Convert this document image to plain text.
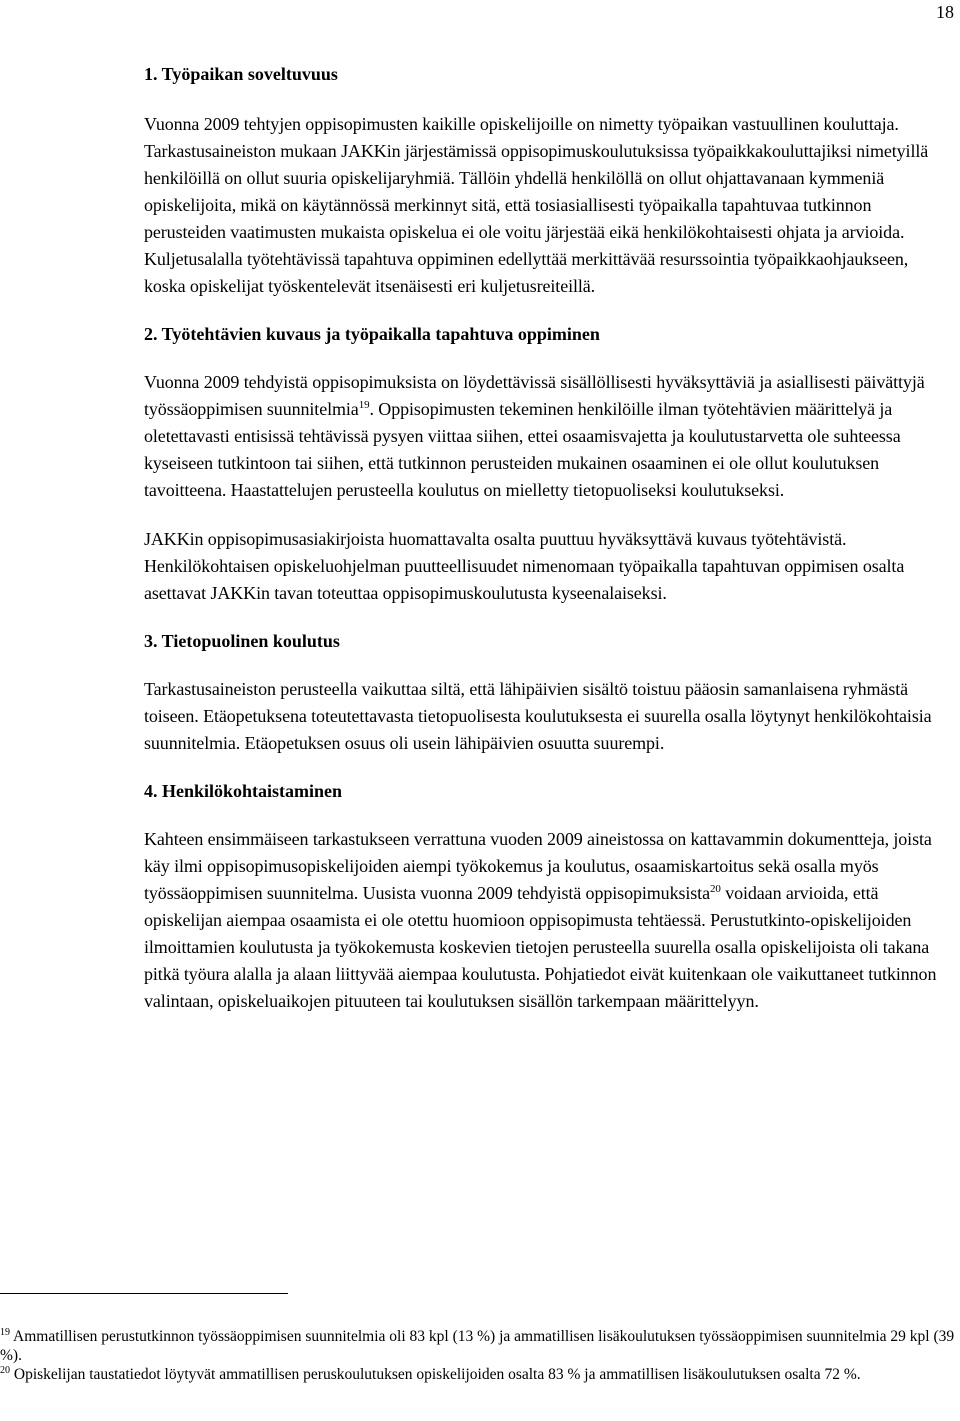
18
1. Työpaikan soveltuvuus

Vuonna 2009 tehtyjen oppisopimusten kaikille opiskelijoille on nimetty työpaikan vastuullinen kouluttaja. Tarkastusaineiston mukaan JAKKin järjestämissä oppisopimuskoulutuksissa työpaikkakouluttajiksi nimetyillä henkilöillä on ollut suuria opiskelijaryhmiä. Tällöin yhdellä henkilöllä on ollut ohjattavanaan kymmeniä opiskelijoita, mikä on käytännössä merkinnyt sitä, että tosiasiallisesti työpaikalla tapahtuvaa tutkinnon perusteiden vaatimusten mukaista opiskelua ei ole voitu järjestää eikä henkilökohtaisesti ohjata ja arvioida. Kuljetusalalla työtehtävissä tapahtuva oppiminen edellyttää merkittävää resurssointia työpaikkaohjaukseen, koska opiskelijat työskentelevät itsenäisesti eri kuljetusreiteillä.

2. Työtehtävien kuvaus ja työpaikalla tapahtuva oppiminen

Vuonna 2009 tehdyistä oppisopimuksista on löydettävissä sisällöllisesti hyväksyttäviä ja asiallisesti päivättyjä työssäoppimisen suunnitelmia$^{19}$. Oppisopimusten tekeminen henkilöille ilman työtehtävien määrittelyä ja oletettavasti entisissä tehtävissä pysyen viittaa siihen, ettei osaamisvajetta ja koulutustarvetta ole suhteessa kyseiseen tutkintoon tai siihen, että tutkinnon perusteiden mukainen osaaminen ei ole ollut koulutuksen tavoitteena. Haastattelujen perusteella koulutus on mielletty tietopuoliseksi koulutukseksi.

JAKKin oppisopimusasiakirjoista huomattavalta osalta puuttuu hyväksyttävä kuvaus työtehtävistä. Henkilökohtaisen opiskeluohjelman puutteellisuudet nimenomaan työpaikalla tapahtuvan oppimisen osalta asettavat JAKKin tavan toteuttaa oppisopimuskoulutusta kyseenalaiseksi.

3. Tietopuolinen koulutus

Tarkastusaineiston perusteella vaikuttaa siltä, että lähipäivien sisältö toistuu pääosin samanlaisena ryhmästä toiseen. Etäopetuksena toteutettavasta tietopuolisesta koulutuksesta ei suurella osalla löytynyt henkilökohtaisia suunnitelmia. Etäopetuksen osuus oli usein lähipäivien osuutta suurempi.

4. Henkilökohtaistaminen

Kahteen ensimmäiseen tarkastukseen verrattuna vuoden 2009 aineistossa on kattavammin dokumentteja, joista käy ilmi oppisopimusopiskelijoiden aiempi työkokemus ja koulutus, osaamiskartoitus sekä osalla myös työssäoppimisen suunnitelma. Uusista vuonna 2009 tehdyistä oppisopimuksista$^{20}$ voidaan arvioida, että opiskelijan aiempaa osaamista ei ole otettu huomioon oppisopimusta tehtäessä. Perustutkinto-opiskelijoiden ilmoittamien koulutusta ja työkokemusta koskevien tietojen perusteella suurella osalla opiskelijoista oli takana pitkä työura alalla ja alaan liittyvää aiempaa koulutusta. Pohjatiedot eivät kuitenkaan ole vaikuttaneet tutkinnon valintaan, opiskeluaikojen pituuteen tai koulutuksen sisällön tarkempaan määrittelyyn.

$^{19}$ Ammatillisen perustutkinnon työssäoppimisen suunnitelmia oli 83 kpl (13 %) ja ammatillisen lisäkoulutuksen työssäoppimisen suunnitelmia 29 kpl (39 %).

$^{20}$ Opiskelijan taustatiedot löytyvät ammatillisen peruskoulutuksen opiskelijoiden osalta 83 % ja ammatillisen lisäkoulutuksen osalta 72 %.
